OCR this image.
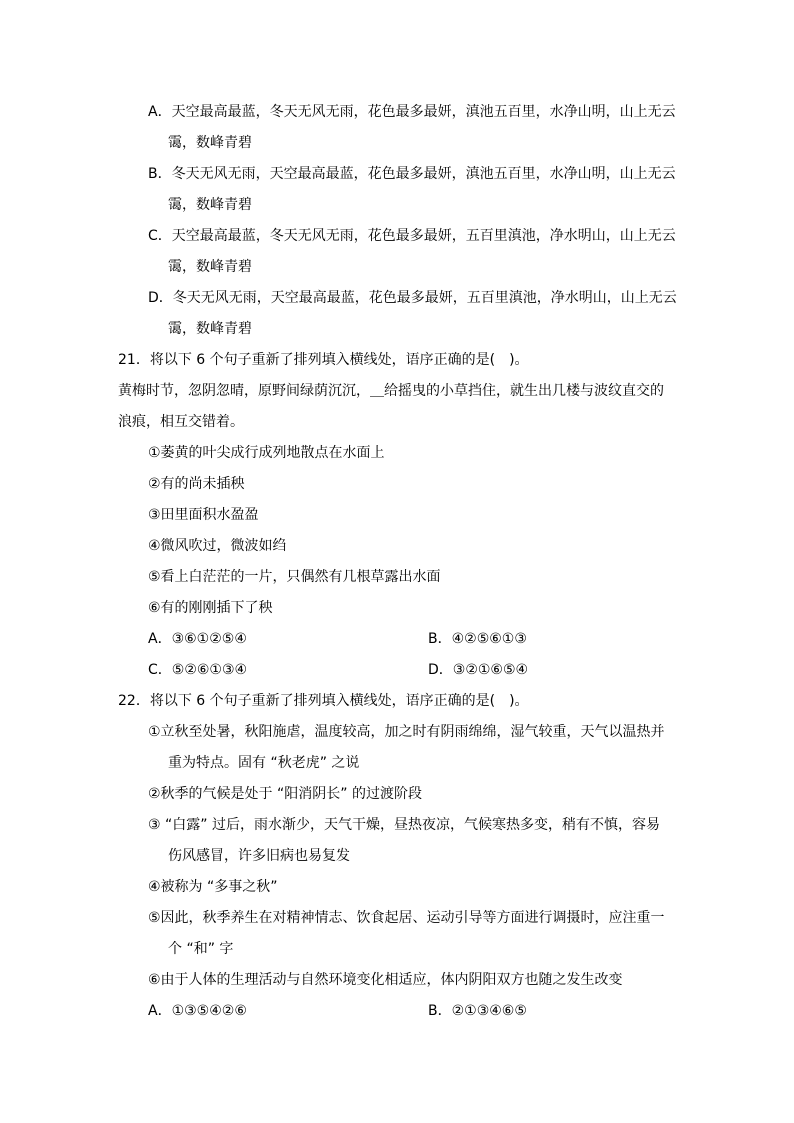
A．天空最高最蓝，冬天无风无雨，花色最多最妍，滇池五百里，水净山明，山上无云
霭，数峰青碧
B．冬天无风无雨，天空最高最蓝，花色最多最妍，滇池五百里，水净山明，山上无云
霭，数峰青碧
C．天空最高最蓝，冬天无风无雨，花色最多最妍，五百里滇池，净水明山，山上无云
霭，数峰青碧
D．冬天无风无雨，天空最高最蓝，花色最多最妍，五百里滇池，净水明山，山上无云
霭，数峰青碧
21．将以下 6 个句子重新了排列填入横线处，语序正确的是(　)。
黄梅时节，忽阴忽晴，原野间绿荫沉沉，＿给摇曳的小草挡住，就生出几楼与波纹直交的
浪痕，相互交错着。
①萎黄的叶尖成行成列地散点在水面上
②有的尚未插秧
③田里面积水盈盈
④微风吹过，微波如绉
⑤看上白茫茫的一片，只偶然有几根草露出水面
⑥有的刚刚插下了秧
A．③⑥①②⑤④	B．④②⑤⑥①③
C．⑤②⑥①③④	D．③②①⑥⑤④
22．将以下 6 个句子重新了排列填入横线处，语序正确的是(　)。
①立秋至处暑，秋阳施虐，温度较高，加之时有阴雨绵绵，湿气较重，天气以温热并
重为特点。固有 “秋老虎” 之说
②秋季的气候是处于 “阳消阴长” 的过渡阶段
③ “白露” 过后，雨水渐少，天气干燥，昼热夜凉，气候寒热多变，稍有不慎，容易
伤风感冒，许多旧病也易复发
④被称为 “多事之秋”
⑤因此，秋季养生在对精神情志、饮食起居、运动引导等方面进行调摄时，应注重一
个 “和” 字
⑥由于人体的生理活动与自然环境变化相适应，体内阴阳双方也随之发生改变
A．①③⑤④②⑥	B．②①③④⑥⑤
